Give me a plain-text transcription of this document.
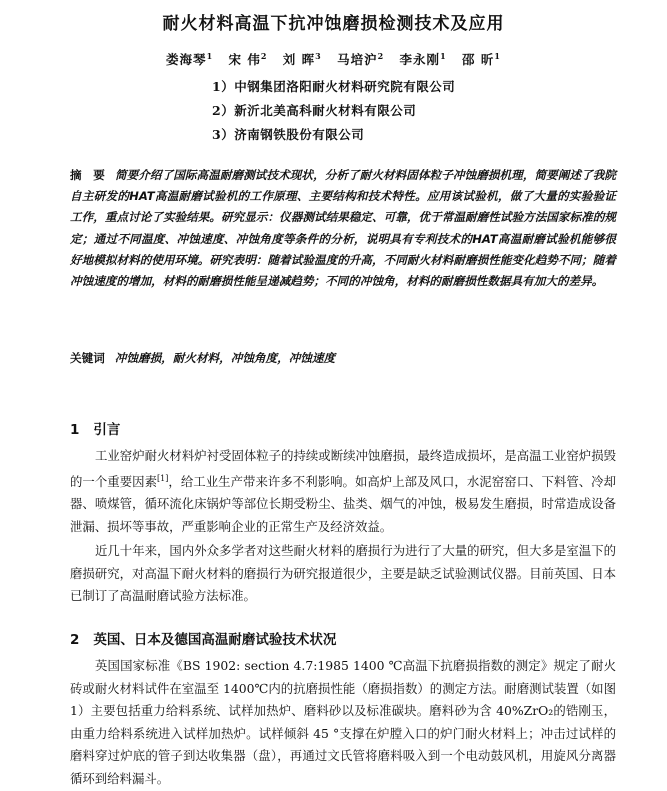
耐火材料高温下抗冲蚀磨损检测技术及应用
娄海琴$^1$ 宋 伟$^2$ 刘 晖$^3$ 马培沪$^2$ 李永刚$^1$ 邵 昕$^1$
1）中钢集团洛阳耐火材料研究院有限公司
2）新沂北美高科耐火材料有限公司
3）济南钢铁股份有限公司
摘　要 简要介绍了国际高温耐磨测试技术现状，分析了耐火材料固体粒子冲蚀磨损机理，简要阐述了我院自主研发的HAT高温耐磨试验机的工作原理、主要结构和技术特性。应用该试验机，做了大量的实验验证工作，重点讨论了实验结果。研究显示：仪器测试结果稳定、可靠，优于常温耐磨性试验方法国家标准的规定；通过不同温度、冲蚀速度、冲蚀角度等条件的分析，说明具有专利技术的HAT高温耐磨试验机能够很好地模拟材料的使用环境。研究表明：随着试验温度的升高，不同耐火材料耐磨损性能变化趋势不同；随着冲蚀速度的增加，材料的耐磨损性能呈递减趋势；不同的冲蚀角，材料的耐磨损性数据具有加大的差异。
关键词 冲蚀磨损，耐火材料，冲蚀角度，冲蚀速度
1 引言
工业窑炉耐火材料炉衬受固体粒子的持续或断续冲蚀磨损，最终造成损坏，是高温工业窑炉损毁的一个重要因素[1]，给工业生产带来许多不利影响。如高炉上部及风口，水泥窑窑口、下料管、冷却器、喷煤管，循环流化床锅炉等部位长期受粉尘、盐类、烟气的冲蚀，极易发生磨损，时常造成设备泄漏、损坏等事故，严重影响企业的正常生产及经济效益。
近几十年来，国内外众多学者对这些耐火材料的磨损行为进行了大量的研究，但大多是室温下的磨损研究，对高温下耐火材料的磨损行为研究报道很少，主要是缺乏试验测试仪器。目前英国、日本已制订了高温耐磨试验方法标准。
2 英国、日本及德国高温耐磨试验技术状况
英国国家标准《BS 1902: section 4.7:1985 1400 ℃高温下抗磨损指数的测定》规定了耐火砖或耐火材料试件在室温至 1400℃内的抗磨损性能（磨损指数）的测定方法。耐磨测试装置（如图 1）主要包括重力给料系统、试样加热炉、磨料砂以及标准碳块。磨料砂为含 40%ZrO₂的锆刚玉，由重力给料系统进入试样加热炉。试样倾斜 45 °支撑在炉膛入口的炉门耐火材料上；冲击过试样的磨料穿过炉底的管子到达收集器（盘），再通过文氏管将磨料吸入到一个电动鼓风机，用旋风分离器循环到给料漏斗。
